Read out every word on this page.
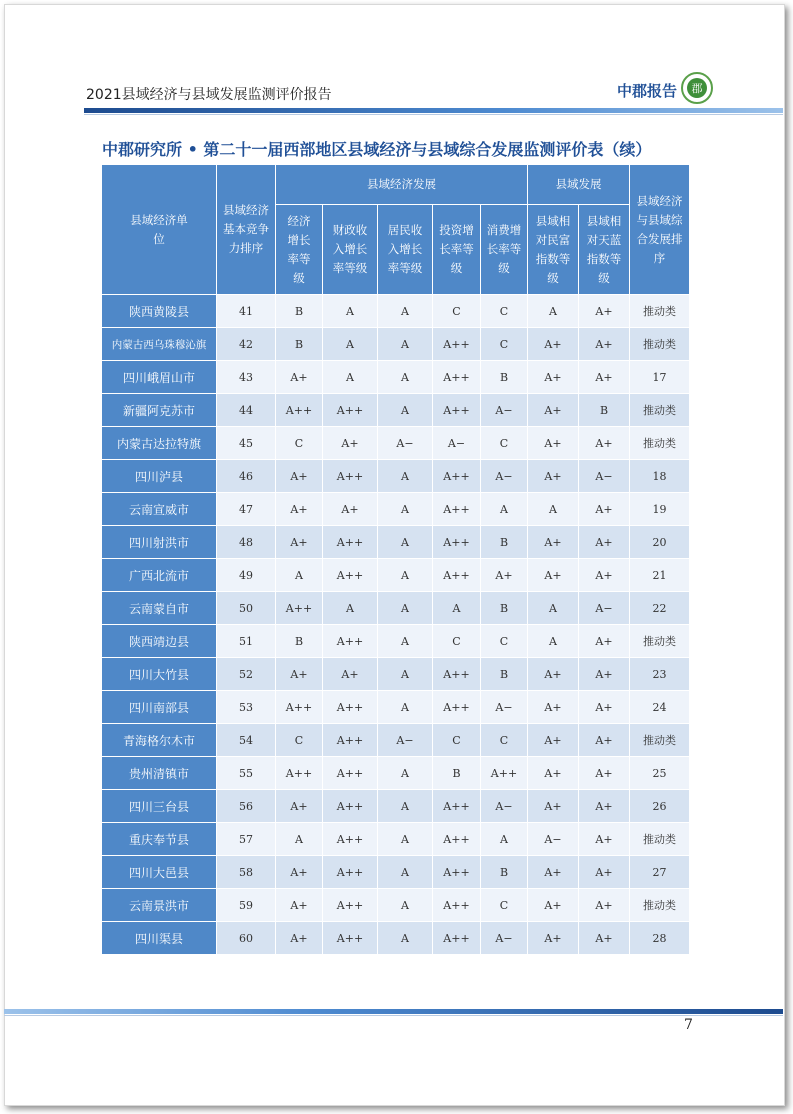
2021县域经济与县域发展监测评价报告	中郡报告	郡
中郡研究所 • 第二十一届西部地区县域经济与县域综合发展监测评价表（续）
县域经济单位	县域经济基本竞争力排序	县域经济发展					县域发展		县域经济与县域综合发展排序

		经济增长率等级	财政收入增长率等级	居民收入增长率等级	投资增长率等级	消费增长率等级	县域相对民富指数等级	县域相对天蓝指数等级	

陕西黄陵县	41	B	A	A	C	C	A	A+	推动类
内蒙古西乌珠穆沁旗	42	B	A	A	A++	C	A+	A+	推动类
四川峨眉山市	43	A+	A	A	A++	B	A+	A+	17
新疆阿克苏市	44	A++	A++	A	A++	A−	A+	B	推动类
内蒙古达拉特旗	45	C	A+	A−	A−	C	A+	A+	推动类
四川泸县	46	A+	A++	A	A++	A−	A+	A−	18
云南宣威市	47	A+	A+	A	A++	A	A	A+	19
四川射洪市	48	A+	A++	A	A++	B	A+	A+	20
广西北流市	49	A	A++	A	A++	A+	A+	A+	21
云南蒙自市	50	A++	A	A	A	B	A	A−	22
陕西靖边县	51	B	A++	A	C	C	A	A+	推动类
四川大竹县	52	A+	A+	A	A++	B	A+	A+	23
四川南部县	53	A++	A++	A	A++	A−	A+	A+	24
青海格尔木市	54	C	A++	A−	C	C	A+	A+	推动类
贵州清镇市	55	A++	A++	A	B	A++	A+	A+	25
四川三台县	56	A+	A++	A	A++	A−	A+	A+	26
重庆奉节县	57	A	A++	A	A++	A	A−	A+	推动类
四川大邑县	58	A+	A++	A	A++	B	A+	A+	27
云南景洪市	59	A+	A++	A	A++	C	A+	A+	推动类
四川渠县	60	A+	A++	A	A++	A−	A+	A+	28
7
